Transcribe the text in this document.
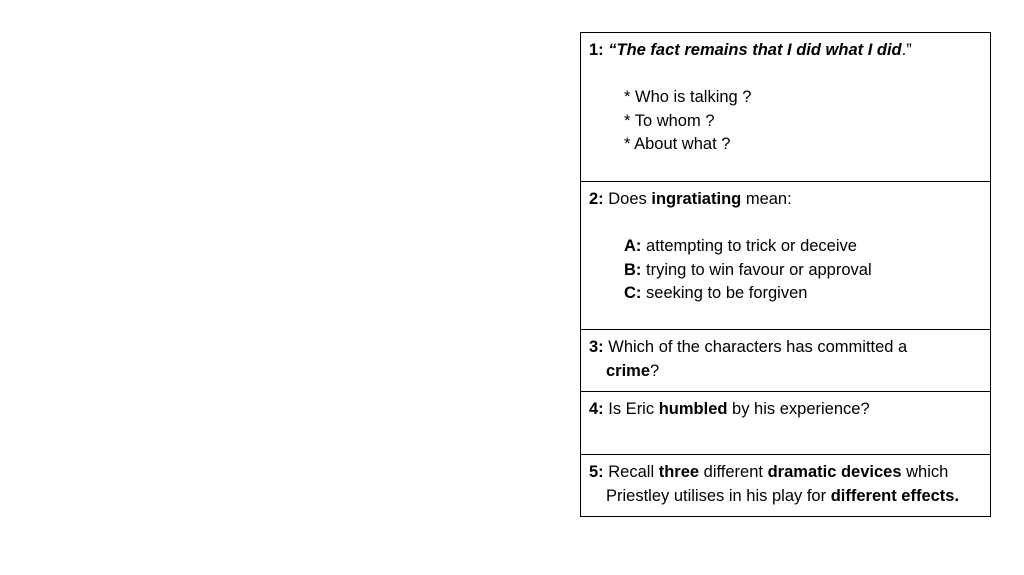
1: “The fact remains that I did what I did.”
* Who is talking ?
* To whom ?
* About what ?

2: Does ingratiating mean:
A: attempting to trick or deceive
B: trying to win favour or approval
C: seeking to be forgiven

3: Which of the characters has committed a
crime?

4: Is Eric humbled by his experience?

5: Recall three different dramatic devices which
Priestley utilises in his play for different effects.
